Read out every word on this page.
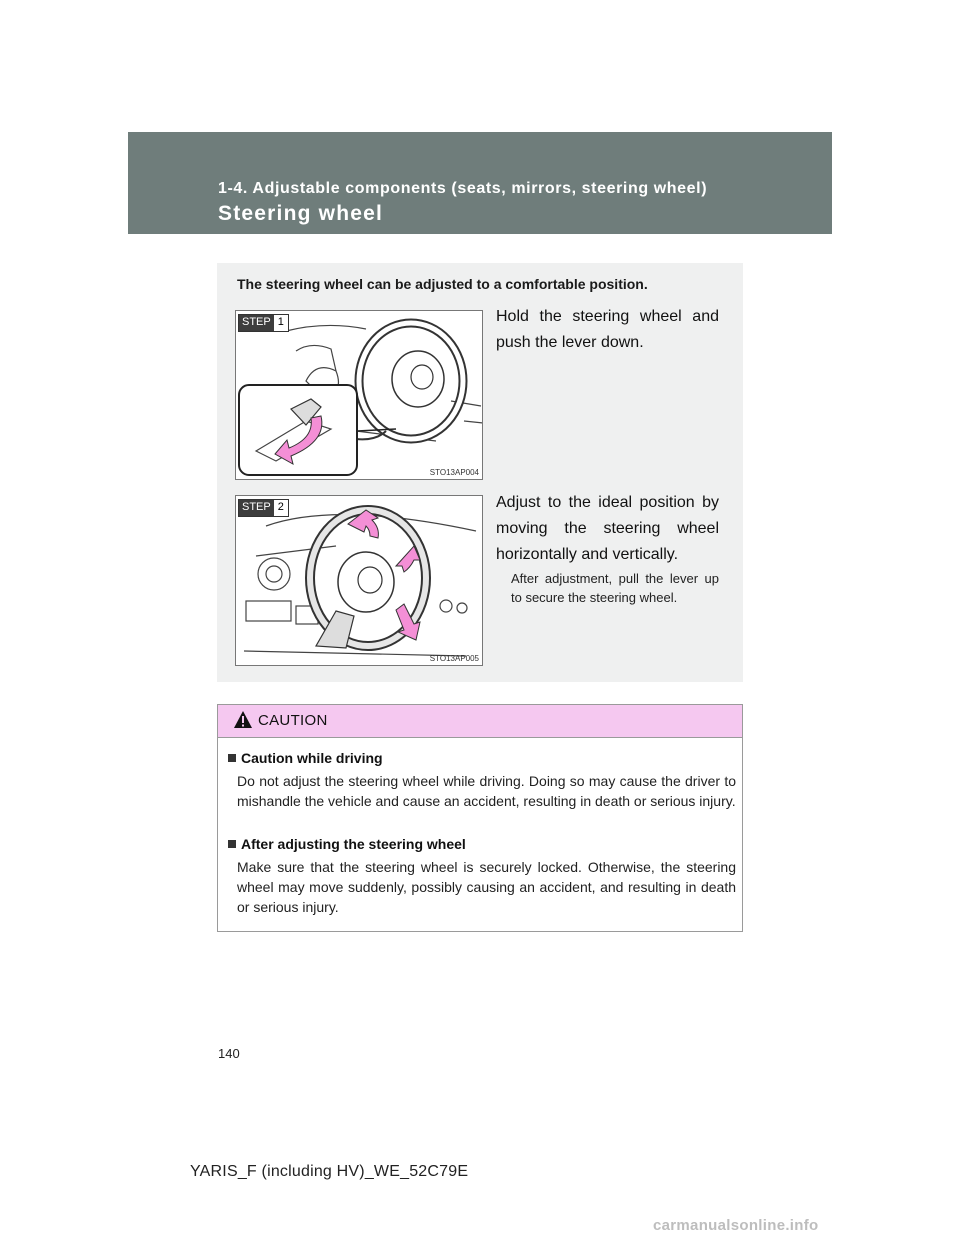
1-4. Adjustable components (seats, mirrors, steering wheel)
Steering wheel
The steering wheel can be adjusted to a comfortable position.
STEP 1
STO13AP004
Hold the steering wheel and push the lever down.
STEP 2
STO13AP005
Adjust to the ideal position by moving the steering wheel horizontally and vertically.
After adjustment, pull the lever up to secure the steering wheel.
CAUTION
Caution while driving
Do not adjust the steering wheel while driving. Doing so may cause the driver to mishandle the vehicle and cause an accident, resulting in death or serious injury.
After adjusting the steering wheel
Make sure that the steering wheel is securely locked. Otherwise, the steering wheel may move suddenly, possibly causing an accident, and resulting in death or serious injury.
140
YARIS_F (including HV)_WE_52C79E
carmanualsonline.info
